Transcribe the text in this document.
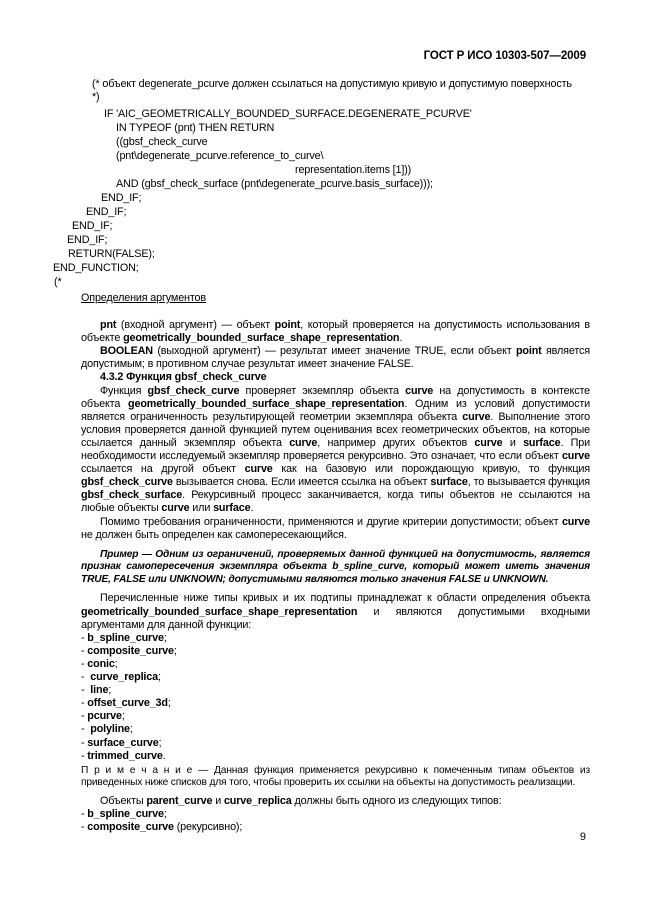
ГОСТ Р ИСО 10303-507—2009
(* объект degenerate_pcurve должен ссылаться на допустимую кривую и допустимую поверхность
*)
IF 'AIC_GEOMETRICALLY_BOUNDED_SURFACE.DEGENERATE_PCURVE'
IN TYPEOF (pnt) THEN RETURN
((gbsf_check_curve
(pnt\degenerate_pcurve.reference_to_curve\
representation.items [1]))
AND (gbsf_check_surface (pnt\degenerate_pcurve.basis_surface)));
END_IF;
END_IF;
END_IF;
END_IF;
RETURN(FALSE);
END_FUNCTION;
(*

Определения аргументов

pnt (входной аргумент) — объект point, который проверяется на допустимость использования в объекте geometrically_bounded_surface_shape_representation.

BOOLEAN (выходной аргумент) — результат имеет значение TRUE, если объект point является допустимым; в противном случае результат имеет значение FALSE.

4.3.2 Функция gbsf_check_curve

Функция gbsf_check_curve проверяет экземпляр объекта curve на допустимость в контексте объекта geometrically_bounded_surface_shape_representation. Одним из условий допустимости является ограниченность результирующей геометрии экземпляра объекта curve. Выполнение этого условия проверяется данной функцией путем оценивания всех геометрических объектов, на которые ссылается данный экземпляр объекта curve, например других объектов curve и surface. При необходимости исследуемый экземпляр проверяется рекурсивно. Это означает, что если объект curve ссылается на другой объект curve как на базовую или порождающую кривую, то функция gbsf_check_curve вызывается снова. Если имеется ссылка на объект surface, то вызывается функция gbsf_check_surface. Рекурсивный процесс заканчивается, когда типы объектов не ссылаются на любые объекты curve или surface.

Помимо требования ограниченности, применяются и другие критерии допустимости; объект curve не должен быть определен как самопересекающийся.

Пример — Одним из ограничений, проверяемых данной функцией на допустимость, является признак самопересечения экземпляра объекта b_spline_curve, который может иметь значения TRUE, FALSE или UNKNOWN; допустимыми являются только значения FALSE и UNKNOWN.

Перечисленные ниже типы кривых и их подтипы принадлежат к области определения объекта geometrically_bounded_surface_shape_representation и являются допустимыми входными аргументами для данной функции:

- b_spline_curve;

- composite_curve;

- conic;

- curve_replica;

- line;

- offset_curve_3d;

- pcurve;

- polyline;

- surface_curve;

- trimmed_curve.

П р и м е ч а н и е — Данная функция применяется рекурсивно к помеченным типам объектов из приведенных ниже списков для того, чтобы проверить их ссылки на объекты на допустимость реализации.

Объекты parent_curve и curve_replica должны быть одного из следующих типов:

- b_spline_curve;

- composite_curve (рекурсивно);

9
